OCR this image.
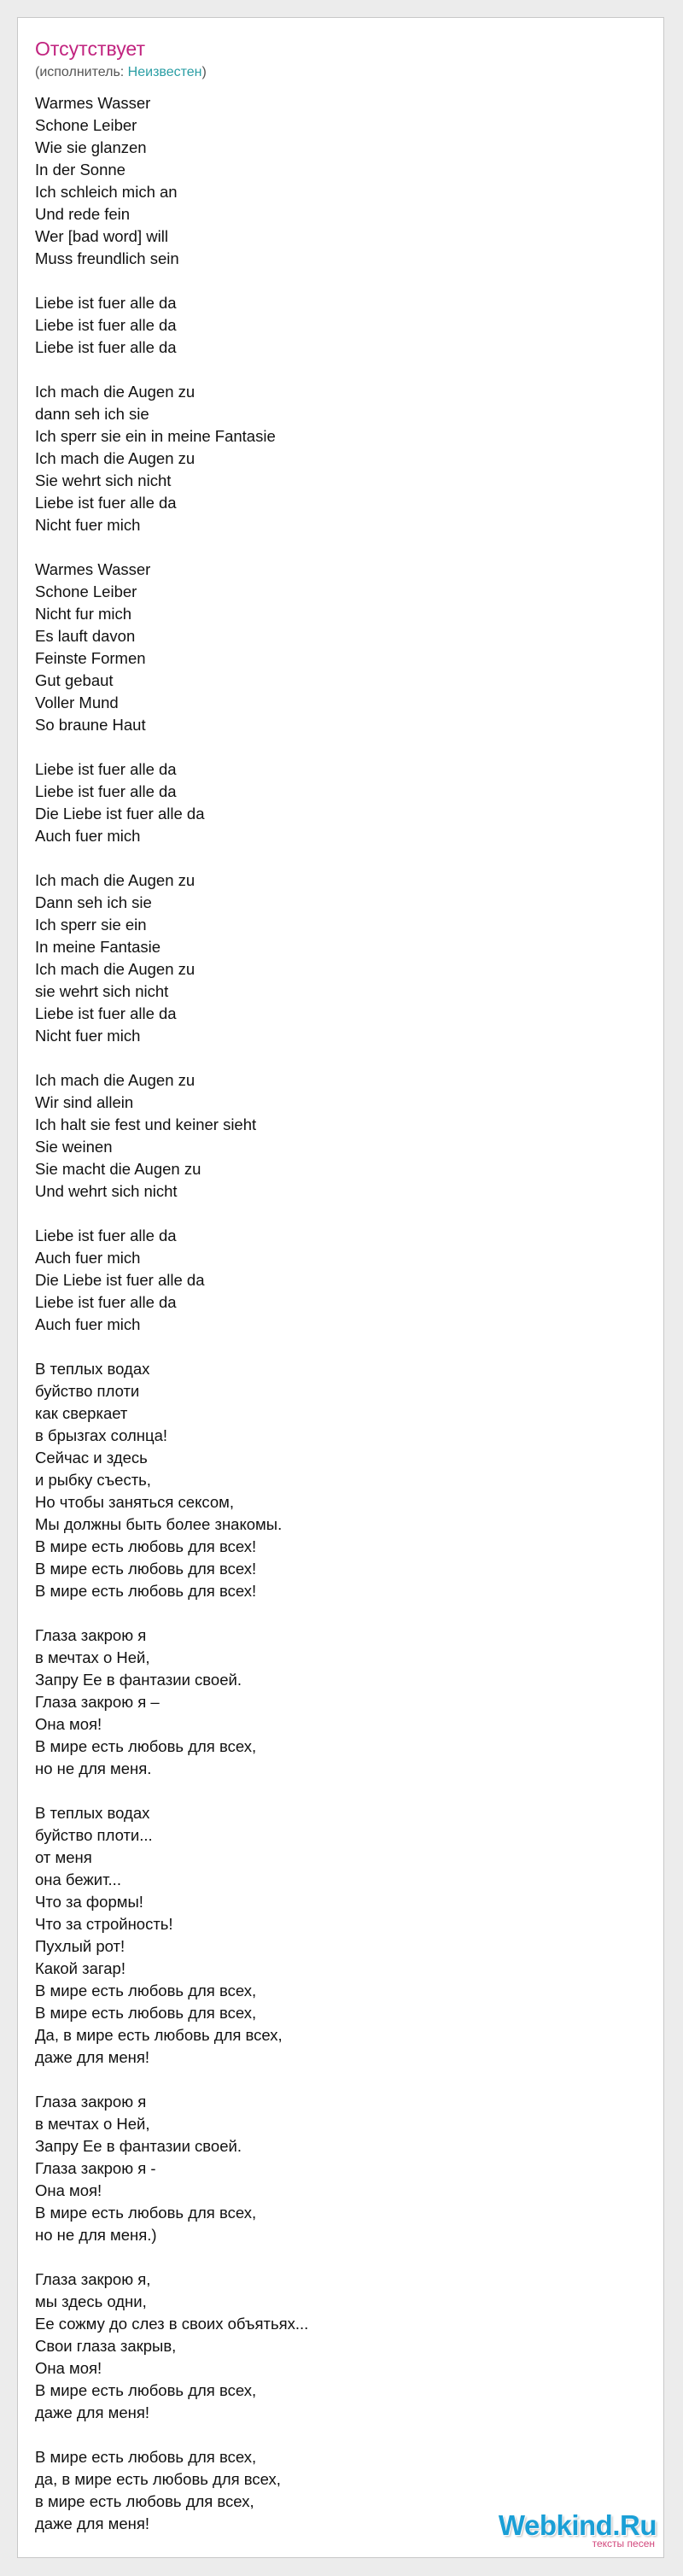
Отсутствует
(исполнитель: Неизвестен)
Warmes Wasser
Schone Leiber
Wie sie glanzen
In der Sonne
Ich schleich mich an
Und rede fein
Wer [bad word] will
Muss freundlich sein
Liebe ist fuer alle da
Liebe ist fuer alle da
Liebe ist fuer alle da
Ich mach die Augen zu
dann seh ich sie
Ich sperr sie ein in meine Fantasie
Ich mach die Augen zu
Sie wehrt sich nicht
Liebe ist fuer alle da
Nicht fuer mich
Warmes Wasser
Schone Leiber
Nicht fur mich
Es lauft davon
Feinste Formen
Gut gebaut
Voller Mund
So braune Haut
Liebe ist fuer alle da
Liebe ist fuer alle da
Die Liebe ist fuer alle da
Auch fuer mich
Ich mach die Augen zu
Dann seh ich sie
Ich sperr sie ein
In meine Fantasie
Ich mach die Augen zu
sie wehrt sich nicht
Liebe ist fuer alle da
Nicht fuer mich
Ich mach die Augen zu
Wir sind allein
Ich halt sie fest und keiner sieht
Sie weinen
Sie macht die Augen zu
Und wehrt sich nicht
Liebe ist fuer alle da
Auch fuer mich
Die Liebe ist fuer alle da
Liebe ist fuer alle da
Auch fuer mich
В теплых водах
буйство плоти
как сверкает
в брызгах солнца!
Сейчас и здесь
и рыбку съесть,
Но чтобы заняться сексом,
Мы должны быть более знакомы.
В мире есть любовь для всех!
В мире есть любовь для всех!
В мире есть любовь для всех!
Глаза закрою я
в мечтах о Ней,
Запру Ее в фантазии своей.
Глаза закрою я –
Она моя!
В мире есть любовь для всех,
но не для меня.
В теплых водах
буйство плоти...
от меня
она бежит...
Что за формы!
Что за стройность!
Пухлый рот!
Какой загар!
В мире есть любовь для всех,
В мире есть любовь для всех,
Да, в мире есть любовь для всех,
даже для меня!
Глаза закрою я
в мечтах о Ней,
Запру Ее в фантазии своей.
Глаза закрою я -
Она моя!
В мире есть любовь для всех,
но не для меня.)
Глаза закрою я,
мы здесь одни,
Ее сожму до слез в своих объятьях...
Свои глаза закрыв,
Она моя!
В мире есть любовь для всех,
даже для меня!
В мире есть любовь для всех,
да, в мире есть любовь для всех,
в мире есть любовь для всех,
даже для меня!	Webkind.Ru
тексты песен
